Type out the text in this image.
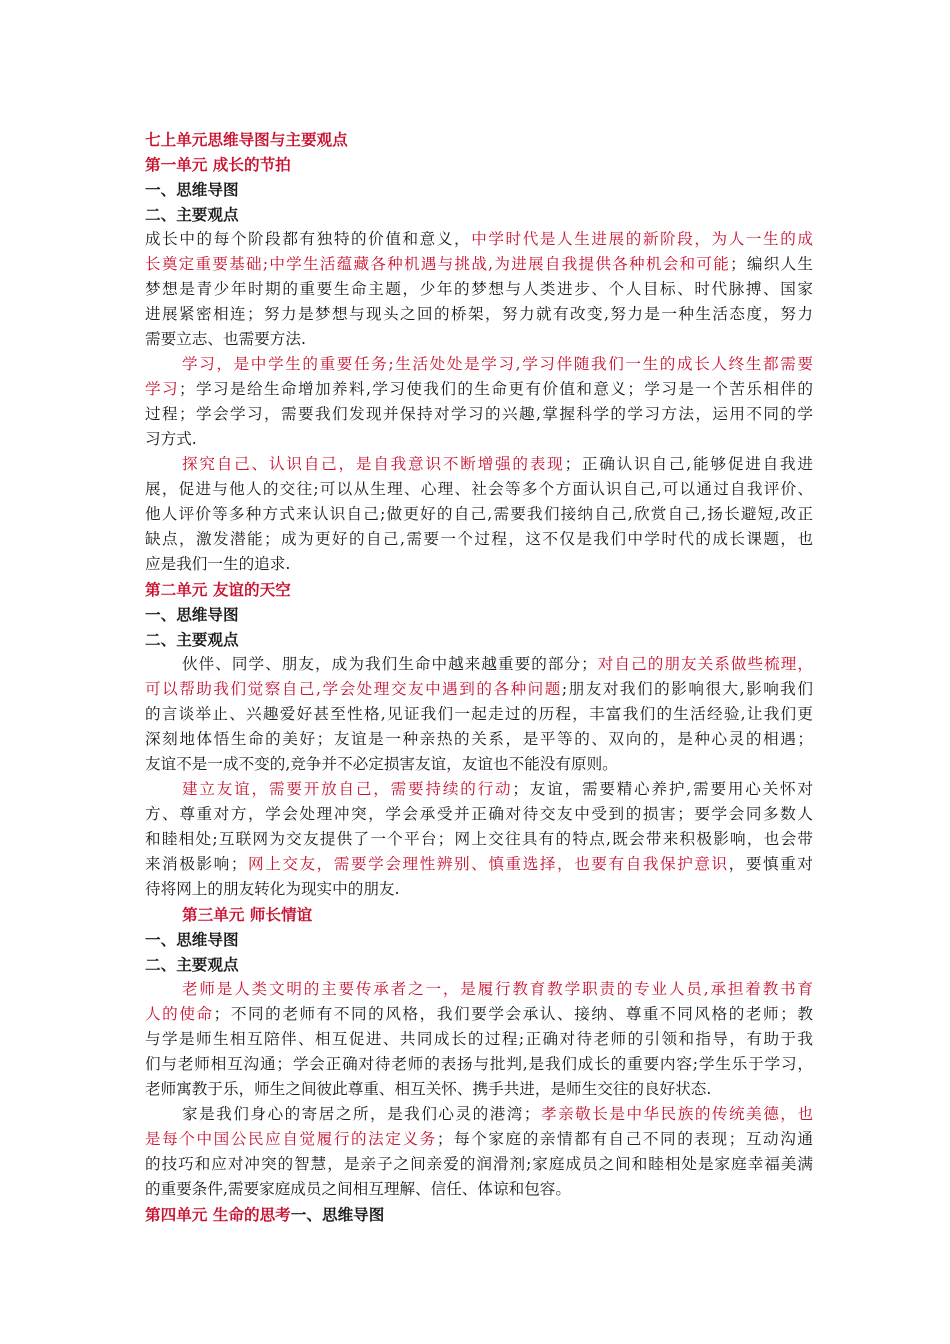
七上单元思维导图与主要观点
第一单元 成长的节拍
一、思维导图
二、主要观点
成长中的每个阶段都有独特的价值和意义，中学时代是人生进展的新阶段，为人一生的成
长奠定重要基础;中学生活蕴藏各种机遇与挑战,为进展自我提供各种机会和可能；编织人生
梦想是青少年时期的重要生命主题，少年的梦想与人类进步、个人目标、时代脉搏、国家
进展紧密相连；努力是梦想与现头之回的桥架，努力就有改变,努力是一种生活态度，努力
需要立志、也需要方法.
学习，是中学生的重要任务;生活处处是学习,学习伴随我们一生的成长人终生都需要
学习；学习是给生命增加养料,学习使我们的生命更有价值和意义；学习是一个苦乐相伴的
过程；学会学习，需要我们发现并保持对学习的兴趣,掌握科学的学习方法，运用不同的学
习方式.
探究自己、认识自己，是自我意识不断增强的表现；正确认识自己,能够促进自我进
展，促进与他人的交往;可以从生理、心理、社会等多个方面认识自己,可以通过自我评价、
他人评价等多种方式来认识自己;做更好的自己,需要我们接纳自己,欣赏自己,扬长避短,改正
缺点，激发潜能；成为更好的自己,需要一个过程，这不仅是我们中学时代的成长课题，也
应是我们一生的追求.
第二单元 友谊的天空
一、思维导图
二、主要观点
伙伴、同学、朋友，成为我们生命中越来越重要的部分；对自己的朋友关系做些梳理，
可以帮助我们觉察自己,学会处理交友中遇到的各种问题;朋友对我们的影响很大,影响我们
的言谈举止、兴趣爱好甚至性格,见证我们一起走过的历程，丰富我们的生活经验,让我们更
深刻地体悟生命的美好；友谊是一种亲热的关系，是平等的、双向的，是种心灵的相遇；
友谊不是一成不变的,竞争并不必定损害友谊，友谊也不能没有原则。
建立友谊，需要开放自己，需要持续的行动；友谊，需要精心养护,需要用心关怀对
方、尊重对方，学会处理冲突，学会承受并正确对待交友中受到的损害；要学会同多数人
和睦相处;互联网为交友提供了一个平台；网上交往具有的特点,既会带来积极影响，也会带
来消极影响；网上交友，需要学会理性辨别、慎重选择，也要有自我保护意识，要慎重对
待将网上的朋友转化为现实中的朋友.
第三单元 师长情谊
一、思维导图
二、主要观点
老师是人类文明的主要传承者之一，是履行教育教学职责的专业人员,承担着教书育
人的使命；不同的老师有不同的风格，我们要学会承认、接纳、尊重不同风格的老师；教
与学是师生相互陪伴、相互促进、共同成长的过程;正确对待老师的引领和指导，有助于我
们与老师相互沟通；学会正确对待老师的表扬与批判,是我们成长的重要内容;学生乐于学习，
老师寓教于乐，师生之间彼此尊重、相互关怀、携手共进，是师生交往的良好状态.
家是我们身心的寄居之所，是我们心灵的港湾；孝亲敬长是中华民族的传统美德，也
是每个中国公民应自觉履行的法定义务；每个家庭的亲情都有自己不同的表现；互动沟通
的技巧和应对冲突的智慧，是亲子之间亲爱的润滑剂;家庭成员之间和睦相处是家庭幸福美满
的重要条件,需要家庭成员之间相互理解、信任、体谅和包容。
第四单元 生命的思考一、思维导图
